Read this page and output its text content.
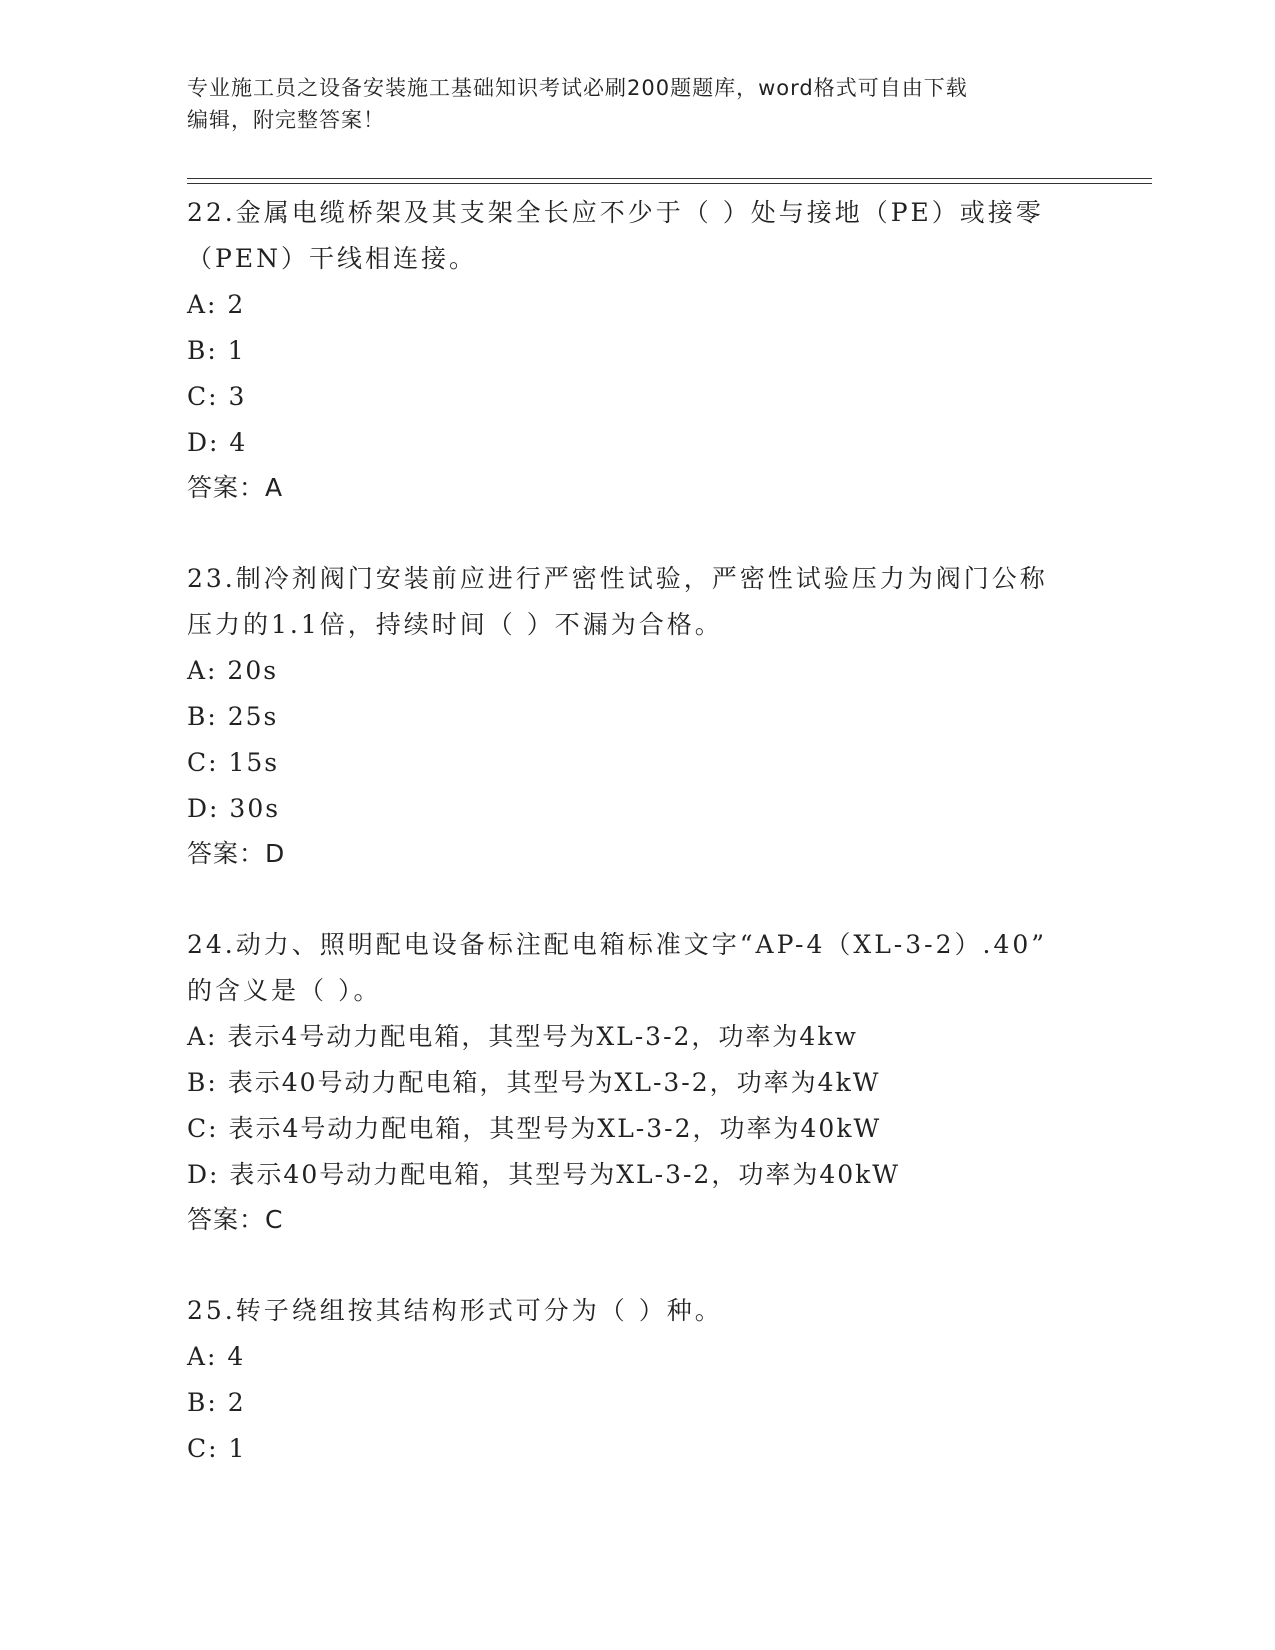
专业施工员之设备安装施工基础知识考试必刷200题题库，word格式可自由下载
编辑，附完整答案！

22.金属电缆桥架及其支架全长应不少于（ ）处与接地（PE）或接零

（PEN）干线相连接。

A: 2

B: 1

C: 3

D: 4

答案：A

23.制冷剂阀门安装前应进行严密性试验，严密性试验压力为阀门公称

压力的1.1倍，持续时间（ ）不漏为合格。

A: 20s

B: 25s

C: 15s

D: 30s

答案：D

24.动力、照明配电设备标注配电箱标准文字“AP-4（XL-3-2）.40”

的含义是（ ）。

A: 表示4号动力配电箱，其型号为XL-3-2，功率为4kw

B: 表示40号动力配电箱，其型号为XL-3-2，功率为4kW

C: 表示4号动力配电箱，其型号为XL-3-2，功率为40kW

D: 表示40号动力配电箱，其型号为XL-3-2，功率为40kW

答案：C

25.转子绕组按其结构形式可分为（ ）种。

A: 4

B: 2

C: 1
